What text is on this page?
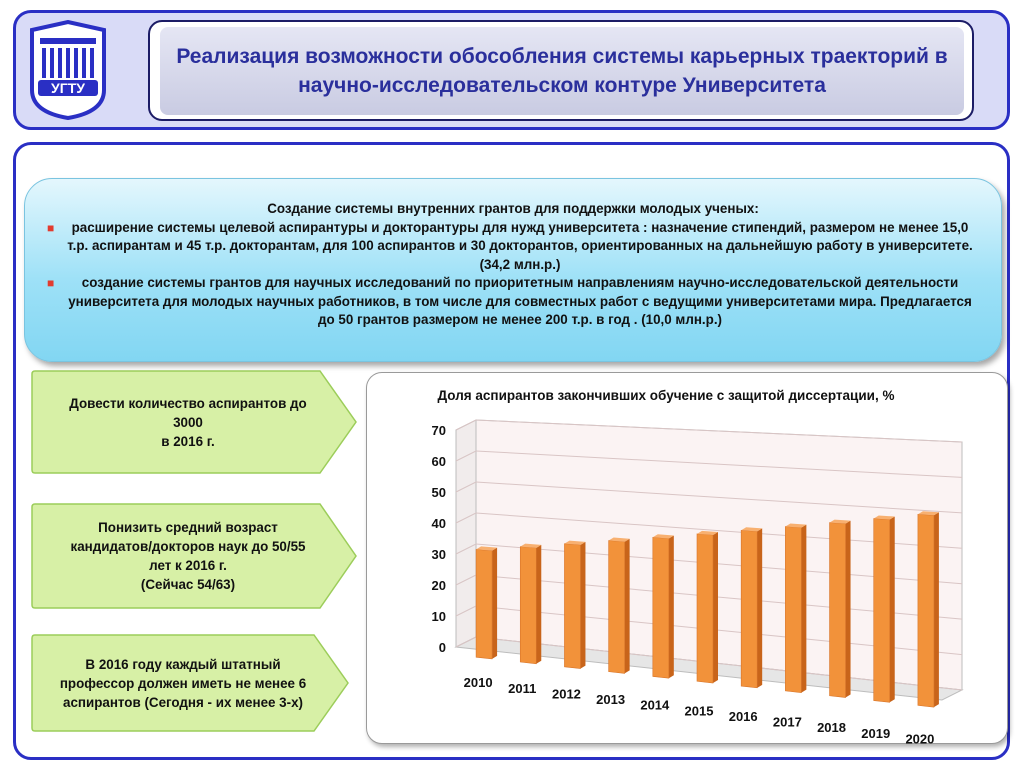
УГТУ
Реализация возможности обособления системы карьерных траекторий в научно-исследовательском контуре Университета
Создание системы внутренних грантов для поддержки молодых ученых:
■ расширение системы целевой аспирантуры и докторантуры для нужд университета : назначение стипендий, размером не менее 15,0 т.р. аспирантам и 45 т.р. докторантам, для 100 аспирантов и 30 докторантов, ориентированных на дальнейшую работу в университете. (34,2 млн.р.)
■ создание системы грантов для научных исследований по приоритетным направлениям научно-исследовательской деятельности университета для молодых научных работников, в том числе для совместных работ с ведущими университетами мира. Предлагается до 50 грантов размером не менее 200 т.р. в год . (10,0 млн.р.)
Довести количество аспирантов до
3000
в 2016 г.
Понизить средний возраст
кандидатов/докторов наук до 50/55
лет к 2016 г.
(Сейчас 54/63)
В 2016 году каждый штатный
профессор должен иметь не менее 6
аспирантов (Сегодня - их менее 3-х)
Доля аспирантов закончивших обучение с защитой диссертации, %
0
10
20
30
40
50
60
70
2010 2011 2012 2013 2014 2015 2016 2017 2018 2019 2020
